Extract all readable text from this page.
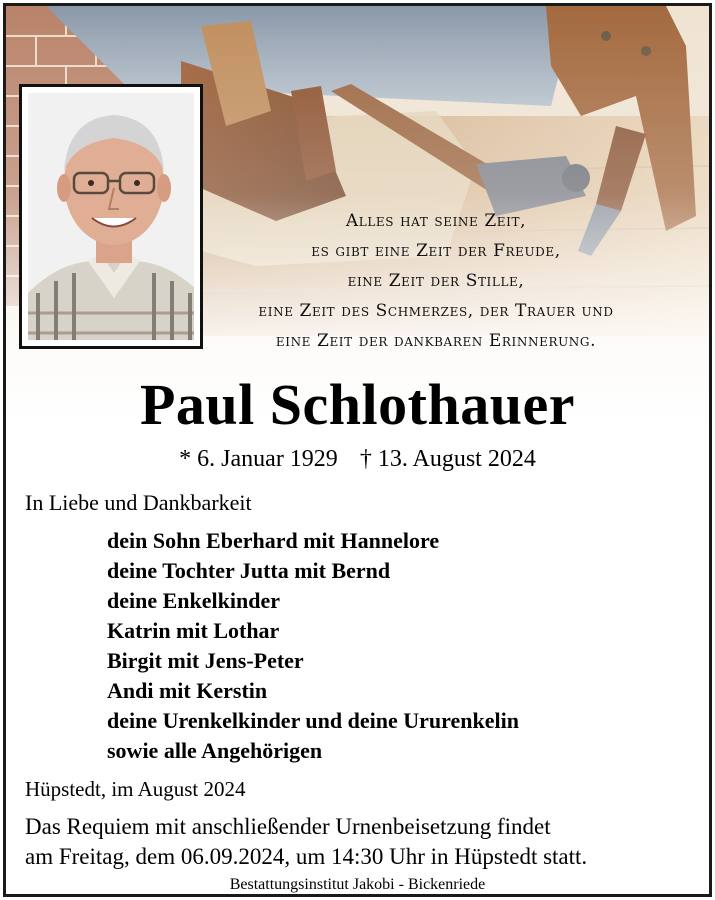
Alles hat seine Zeit,
es gibt eine Zeit der Freude,
eine Zeit der Stille,
eine Zeit des Schmerzes, der Trauer und
eine Zeit der dankbaren Erinnerung.
Paul Schlothauer
* 6. Januar 1929 † 13. August 2024
In Liebe und Dankbarkeit
dein Sohn Eberhard mit Hannelore
deine Tochter Jutta mit Bernd
deine Enkelkinder
Katrin mit Lothar
Birgit mit Jens-Peter
Andi mit Kerstin
deine Urenkelkinder und deine Ururenkelin
sowie alle Angehörigen
Hüpstedt, im August 2024
Das Requiem mit anschließender Urnenbeisetzung findet
am Freitag, dem 06.09.2024, um 14:30 Uhr in Hüpstedt statt.
Bestattungsinstitut Jakobi - Bickenriede
